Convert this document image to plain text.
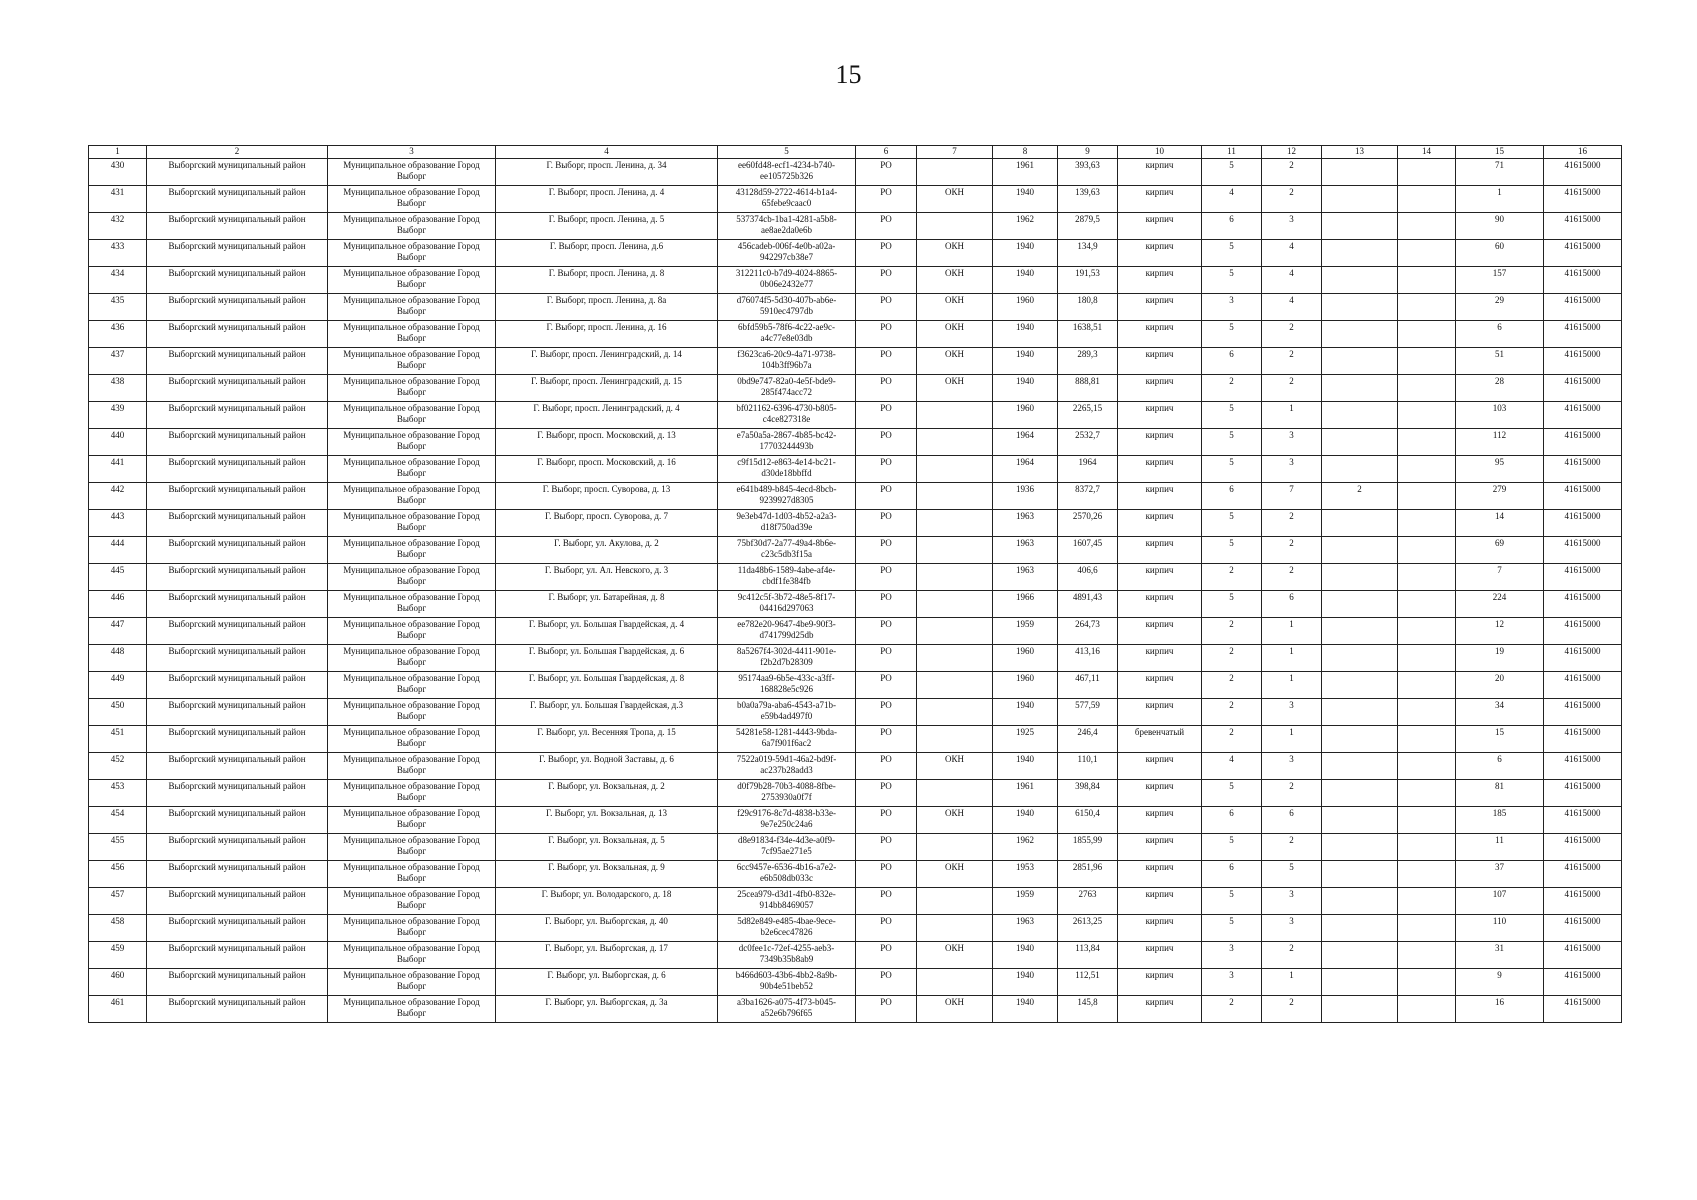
15
1	2	3	4	5	6	7	8	9	10	11	12	13	14	15	16
430	Выборгский муниципальный район	Муниципальное образование Город Выборг	Г. Выборг, просп. Ленина, д. 34	ee60fd48-ecf1-4234-b740-ee105725b326	РО		1961	393,63	кирпич	5	2			71	41615000
431	Выборгский муниципальный район	Муниципальное образование Город Выборг	Г. Выборг, просп. Ленина, д. 4	43128d59-2722-4614-b1a4-65febe9caac0	РО	ОКН	1940	139,63	кирпич	4	2			1	41615000
432	Выборгский муниципальный район	Муниципальное образование Город Выборг	Г. Выборг, просп. Ленина, д. 5	537374cb-1ba1-4281-a5b8-ae8ae2da0e6b	РО		1962	2879,5	кирпич	6	3			90	41615000
433	Выборгский муниципальный район	Муниципальное образование Город Выборг	Г. Выборг, просп. Ленина, д.6	456cadeb-006f-4e0b-a02a-942297cb38e7	РО	ОКН	1940	134,9	кирпич	5	4			60	41615000
434	Выборгский муниципальный район	Муниципальное образование Город Выборг	Г. Выборг, просп. Ленина, д. 8	312211c0-b7d9-4024-8865-0b06e2432e77	РО	ОКН	1940	191,53	кирпич	5	4			157	41615000
435	Выборгский муниципальный район	Муниципальное образование Город Выборг	Г. Выборг, просп. Ленина, д. 8а	d76074f5-5d30-407b-ab6e-5910ec4797db	РО	ОКН	1960	180,8	кирпич	3	4			29	41615000
436	Выборгский муниципальный район	Муниципальное образование Город Выборг	Г. Выборг, просп. Ленина, д. 16	6bfd59b5-78f6-4c22-ae9c-a4c77e8e03db	РО	ОКН	1940	1638,51	кирпич	5	2			6	41615000
437	Выборгский муниципальный район	Муниципальное образование Город Выборг	Г. Выборг, просп. Ленинградский, д. 14	f3623ca6-20c9-4a71-9738-104b3ff96b7a	РО	ОКН	1940	289,3	кирпич	6	2			51	41615000
438	Выборгский муниципальный район	Муниципальное образование Город Выборг	Г. Выборг, просп. Ленинградский, д. 15	0bd9e747-82a0-4e5f-bde9-285f474acc72	РО	ОКН	1940	888,81	кирпич	2	2			28	41615000
439	Выборгский муниципальный район	Муниципальное образование Город Выборг	Г. Выборг, просп. Ленинградский, д. 4	bf021162-6396-4730-b805-c4ce827318e	РО		1960	2265,15	кирпич	5	1			103	41615000
440	Выборгский муниципальный район	Муниципальное образование Город Выборг	Г. Выборг, просп. Московский, д. 13	e7a50a5a-2867-4b85-bc42-17703244493b	РО		1964	2532,7	кирпич	5	3			112	41615000
441	Выборгский муниципальный район	Муниципальное образование Город Выборг	Г. Выборг, просп. Московский, д. 16	c9f15d12-e863-4e14-bc21-d30de18bbffd	РО		1964	1964	кирпич	5	3			95	41615000
442	Выборгский муниципальный район	Муниципальное образование Город Выборг	Г. Выборг, просп. Суворова, д. 13	e641b489-b845-4ecd-8bcb-9239927d8305	РО		1936	8372,7	кирпич	6	7	2		279	41615000
443	Выборгский муниципальный район	Муниципальное образование Город Выборг	Г. Выборг, просп. Суворова, д. 7	9e3eb47d-1d03-4b52-a2a3-d18f750ad39e	РО		1963	2570,26	кирпич	5	2			14	41615000
444	Выборгский муниципальный район	Муниципальное образование Город Выборг	Г. Выборг, ул. Акулова, д. 2	75bf30d7-2a77-49a4-8b6e-c23c5db3f15a	РО		1963	1607,45	кирпич	5	2			69	41615000
445	Выборгский муниципальный район	Муниципальное образование Город Выборг	Г. Выборг, ул. Ал. Невского, д. 3	11da48b6-1589-4abe-af4e-cbdf1fe384fb	РО		1963	406,6	кирпич	2	2			7	41615000
446	Выборгский муниципальный район	Муниципальное образование Город Выборг	Г. Выборг, ул. Батарейная, д. 8	9c412c5f-3b72-48e5-8f17-04416d297063	РО		1966	4891,43	кирпич	5	6			224	41615000
447	Выборгский муниципальный район	Муниципальное образование Город Выборг	Г. Выборг, ул. Большая Гвардейская, д. 4	ee782e20-9647-4be9-90f3-d741799d25db	РО		1959	264,73	кирпич	2	1			12	41615000
448	Выборгский муниципальный район	Муниципальное образование Город Выборг	Г. Выборг, ул. Большая Гвардейская, д. 6	8a5267f4-302d-4411-901e-f2b2d7b28309	РО		1960	413,16	кирпич	2	1			19	41615000
449	Выборгский муниципальный район	Муниципальное образование Город Выборг	Г. Выборг, ул. Большая Гвардейская, д. 8	95174aa9-6b5e-433c-a3ff-168828e5c926	РО		1960	467,11	кирпич	2	1			20	41615000
450	Выборгский муниципальный район	Муниципальное образование Город Выборг	Г. Выборг, ул. Большая Гвардейская, д.3	b0a0a79a-aba6-4543-a71b-e59b4ad497f0	РО		1940	577,59	кирпич	2	3			34	41615000
451	Выборгский муниципальный район	Муниципальное образование Город Выборг	Г. Выборг, ул. Весенняя Тропа, д. 15	54281e58-1281-4443-9bda-6a7f901f6ac2	РО		1925	246,4	бревенчатый	2	1			15	41615000
452	Выборгский муниципальный район	Муниципальное образование Город Выборг	Г. Выборг, ул. Водной Заставы, д. 6	7522a019-59d1-46a2-bd9f-ac237b28add3	РО	ОКН	1940	110,1	кирпич	4	3			6	41615000
453	Выборгский муниципальный район	Муниципальное образование Город Выборг	Г. Выборг, ул. Вокзальная, д. 2	d0f79b28-70b3-4088-8fbe-2753930a0f7f	РО		1961	398,84	кирпич	5	2			81	41615000
454	Выборгский муниципальный район	Муниципальное образование Город Выборг	Г. Выборг, ул. Вокзальная, д. 13	f29c9176-8c7d-4838-b33e-9e7e250c24a6	РО	ОКН	1940	6150,4	кирпич	6	6			185	41615000
455	Выборгский муниципальный район	Муниципальное образование Город Выборг	Г. Выборг, ул. Вокзальная, д. 5	d8e91834-f34e-4d3e-a0f9-7cf95ae271e5	РО		1962	1855,99	кирпич	5	2			11	41615000
456	Выборгский муниципальный район	Муниципальное образование Город Выборг	Г. Выборг, ул. Вокзальная, д. 9	6cc9457e-6536-4b16-a7e2-e6b508db033c	РО	ОКН	1953	2851,96	кирпич	6	5			37	41615000
457	Выборгский муниципальный район	Муниципальное образование Город Выборг	Г. Выборг, ул. Володарского, д. 18	25cea979-d3d1-4fb0-832e-914bb8469057	РО		1959	2763	кирпич	5	3			107	41615000
458	Выборгский муниципальный район	Муниципальное образование Город Выборг	Г. Выборг, ул. Выборгская, д. 40	5d82e849-e485-4bae-9ece-b2e6cec47826	РО		1963	2613,25	кирпич	5	3			110	41615000
459	Выборгский муниципальный район	Муниципальное образование Город Выборг	Г. Выборг, ул. Выборгская, д. 17	dc0fee1c-72ef-4255-aeb3-7349b35b8ab9	РО	ОКН	1940	113,84	кирпич	3	2			31	41615000
460	Выборгский муниципальный район	Муниципальное образование Город Выборг	Г. Выборг, ул. Выборгская, д. 6	b466d603-43b6-4bb2-8a9b-90b4e51beb52	РО		1940	112,51	кирпич	3	1			9	41615000
461	Выборгский муниципальный район	Муниципальное образование Город Выборг	Г. Выборг, ул. Выборгская, д. 3а	a3ba1626-a075-4f73-b045-a52e6b796f65	РО	ОКН	1940	145,8	кирпич	2	2			16	41615000
